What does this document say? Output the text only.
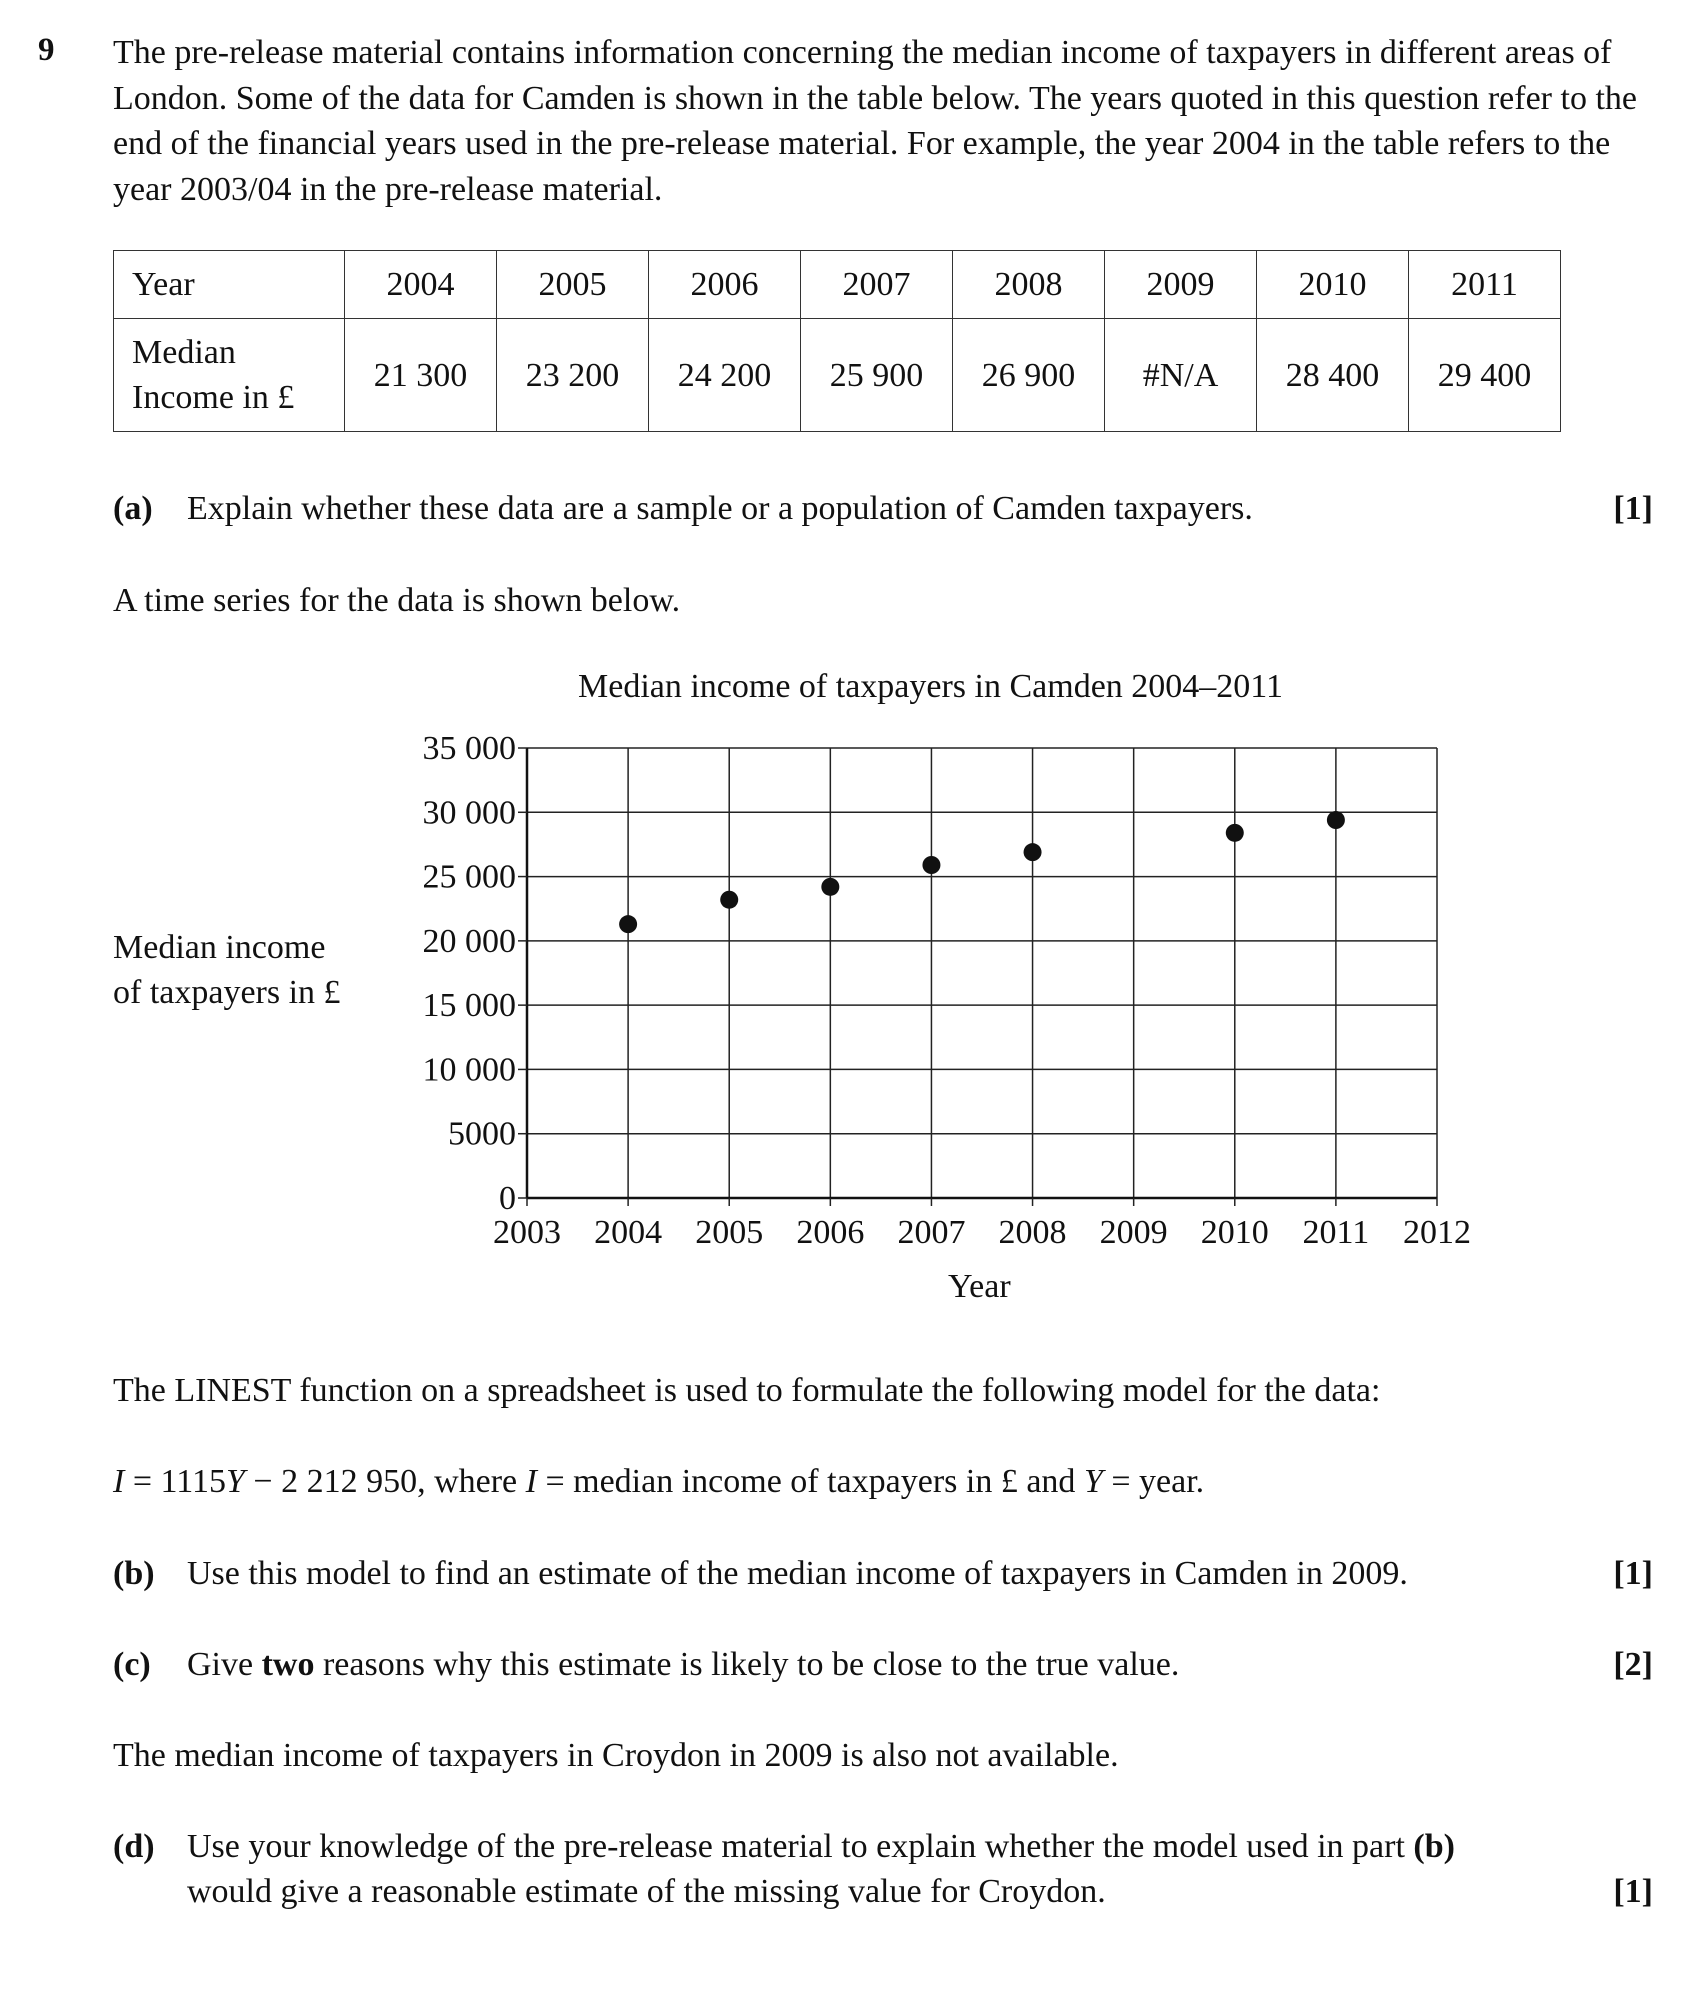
9 The pre-release material contains information concerning the median income of taxpayers in different areas of London. Some of the data for Camden is shown in the table below. The years quoted in this question refer to the end of the financial years used in the pre-release material. For example, the year 2004 in the table refers to the year 2003/04 in the pre-release material.

Year	2004	2005	2006	2007	2008	2009	2010	2011

Median
Income in £	21 300	23 200	24 200	25 900	26 900	#N/A	28 400	29 400
(a) Explain whether these data are a sample or a population of Camden taxpayers.	[1]
A time series for the data is shown below.
Median income of taxpayers in Camden 2004–2011
Median income
of taxpayers in £
Year
0
5000
10 000
15 000
20 000
25 000
30 000
35 000
2003 2004 2005 2006 2007 2008 2009 2010 2011 2012
The LINEST function on a spreadsheet is used to formulate the following model for the data:
I = 1115Y − 2 212 950, where I = median income of taxpayers in £ and Y = year.
(b) Use this model to find an estimate of the median income of taxpayers in Camden in 2009.	[1]
(c) Give two reasons why this estimate is likely to be close to the true value.	[2]
The median income of taxpayers in Croydon in 2009 is also not available.
(d) Use your knowledge of the pre-release material to explain whether the model used in part (b)
would give a reasonable estimate of the missing value for Croydon.	[1]
